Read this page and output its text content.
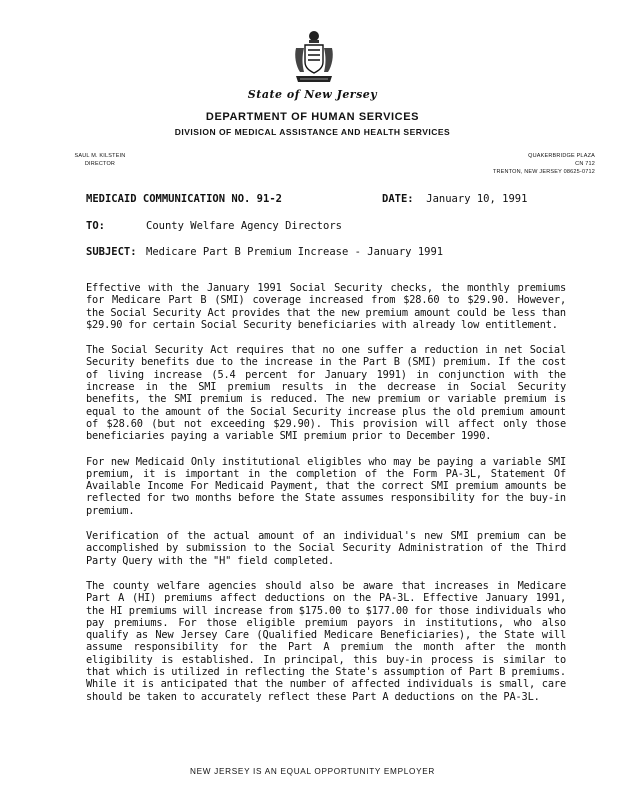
State of New Jersey
DEPARTMENT OF HUMAN SERVICES
DIVISION OF MEDICAL ASSISTANCE AND HEALTH SERVICES
SAUL M. KILSTEIN
DIRECTOR
QUAKERBRIDGE PLAZA
CN 712
TRENTON, NEW JERSEY 08625-0712
MEDICAID COMMUNICATION NO. 91-2	DATE: January 10, 1991
TO:	County Welfare Agency Directors
SUBJECT: Medicare Part B Premium Increase - January 1991

Effective with the January 1991 Social Security checks, the monthly premiums for Medicare Part B (SMI) coverage increased from $28.60 to $29.90. However, the Social Security Act provides that the new premium amount could be less than $29.90 for certain Social Security beneficiaries with already low entitlement.

The Social Security Act requires that no one suffer a reduction in net Social Security benefits due to the increase in the Part B (SMI) premium. If the cost of living increase (5.4 percent for January 1991) in conjunction with the increase in the SMI premium results in the decrease in Social Security benefits, the SMI premium is reduced. The new premium or variable premium is equal to the amount of the Social Security increase plus the old premium amount of $28.60 (but not exceeding $29.90). This provision will affect only those beneficiaries paying a variable SMI premium prior to December 1990.

For new Medicaid Only institutional eligibles who may be paying a variable SMI premium, it is important in the completion of the Form PA-3L, Statement Of Available Income For Medicaid Payment, that the correct SMI premium amounts be reflected for two months before the State assumes responsibility for the buy-in premium.

Verification of the actual amount of an individual's new SMI premium can be accomplished by submission to the Social Security Administration of the Third Party Query with the "H" field completed.

The county welfare agencies should also be aware that increases in Medicare Part A (HI) premiums affect deductions on the PA-3L. Effective January 1991, the HI premiums will increase from $175.00 to $177.00 for those individuals who pay premiums. For those eligible premium payors in institutions, who also qualify as New Jersey Care (Qualified Medicare Beneficiaries), the State will assume responsibility for the Part A premium the month after the month eligibility is established. In principal, this buy-in process is similar to that which is utilized in reflecting the State's assumption of Part B premiums. While it is anticipated that the number of affected individuals is small, care should be taken to accurately reflect these Part A deductions on the PA-3L.

NEW JERSEY IS AN EQUAL OPPORTUNITY EMPLOYER
